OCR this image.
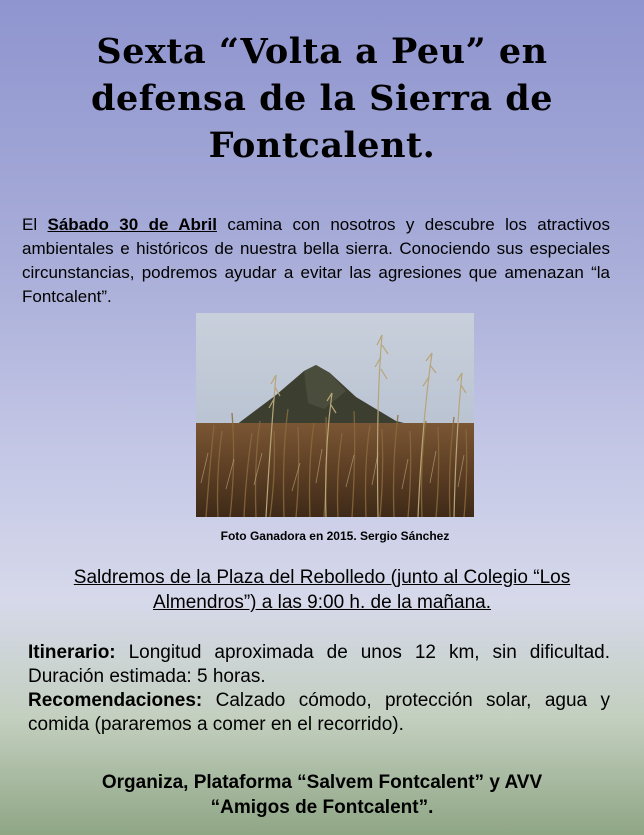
Sexta “Volta a Peu” en
defensa de la Sierra de
Fontcalent.
El Sábado 30 de Abril camina con nosotros y descubre los atractivos ambientales e históricos de nuestra bella sierra. Conociendo sus especiales circunstancias, podremos ayudar a evitar las agresiones que amenazan “la Fontcalent”.
Foto Ganadora en 2015. Sergio Sánchez
Saldremos de la Plaza del Rebolledo (junto al Colegio “Los
Almendros”) a las 9:00 h. de la mañana.
Itinerario: Longitud aproximada de unos 12 km, sin dificultad. Duración estimada: 5 horas.
Recomendaciones: Calzado cómodo, protección solar, agua y comida (pararemos a comer en el recorrido).
Organiza, Plataforma “Salvem Fontcalent” y AVV
“Amigos de Fontcalent”.
